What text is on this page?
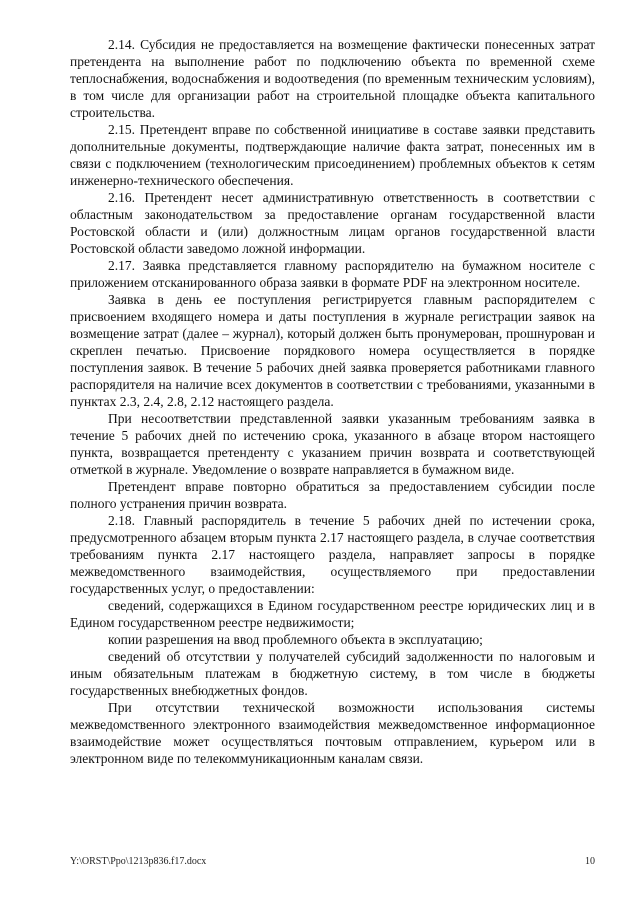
2.14. Субсидия не предоставляется на возмещение фактически понесенных затрат претендента на выполнение работ по подключению объекта по временной схеме теплоснабжения, водоснабжения и водоотведения (по временным техническим условиям), в том числе для организации работ на строительной площадке объекта капитального строительства.

2.15. Претендент вправе по собственной инициативе в составе заявки представить дополнительные документы, подтверждающие наличие факта затрат, понесенных им в связи с подключением (технологическим присоединением) проблемных объектов к сетям инженерно-технического обеспечения.

2.16. Претендент несет административную ответственность в соответствии с областным законодательством за предоставление органам государственной власти Ростовской области и (или) должностным лицам органов государственной власти Ростовской области заведомо ложной информации.

2.17. Заявка представляется главному распорядителю на бумажном носителе с приложением отсканированного образа заявки в формате PDF на электронном носителе.

Заявка в день ее поступления регистрируется главным распорядителем с присвоением входящего номера и даты поступления в журнале регистрации заявок на возмещение затрат (далее – журнал), который должен быть пронумерован, прошнурован и скреплен печатью. Присвоение порядкового номера осуществляется в порядке поступления заявок. В течение 5 рабочих дней заявка проверяется работниками главного распорядителя на наличие всех документов в соответствии с требованиями, указанными в пунктах 2.3, 2.4, 2.8, 2.12 настоящего раздела.

При несоответствии представленной заявки указанным требованиям заявка в течение 5 рабочих дней по истечению срока, указанного в абзаце втором настоящего пункта, возвращается претенденту с указанием причин возврата и соответствующей отметкой в журнале. Уведомление о возврате направляется в бумажном виде.

Претендент вправе повторно обратиться за предоставлением субсидии после полного устранения причин возврата.

2.18. Главный распорядитель в течение 5 рабочих дней по истечении срока, предусмотренного абзацем вторым пункта 2.17 настоящего раздела, в случае соответствия требованиям пункта 2.17 настоящего раздела, направляет запросы в порядке межведомственного взаимодействия, осуществляемого при предоставлении государственных услуг, о предоставлении:

сведений, содержащихся в Едином государственном реестре юридических лиц и в Едином государственном реестре недвижимости;

копии разрешения на ввод проблемного объекта в эксплуатацию;

сведений об отсутствии у получателей субсидий задолженности по налоговым и иным обязательным платежам в бюджетную систему, в том числе в бюджеты государственных внебюджетных фондов.

При отсутствии технической возможности использования системы межведомственного электронного взаимодействия межведомственное информационное взаимодействие может осуществляться почтовым отправлением, курьером или в электронном виде по телекоммуникационным каналам связи.

Y:\ORST\Ppo\1213p836.f17.docx	10
